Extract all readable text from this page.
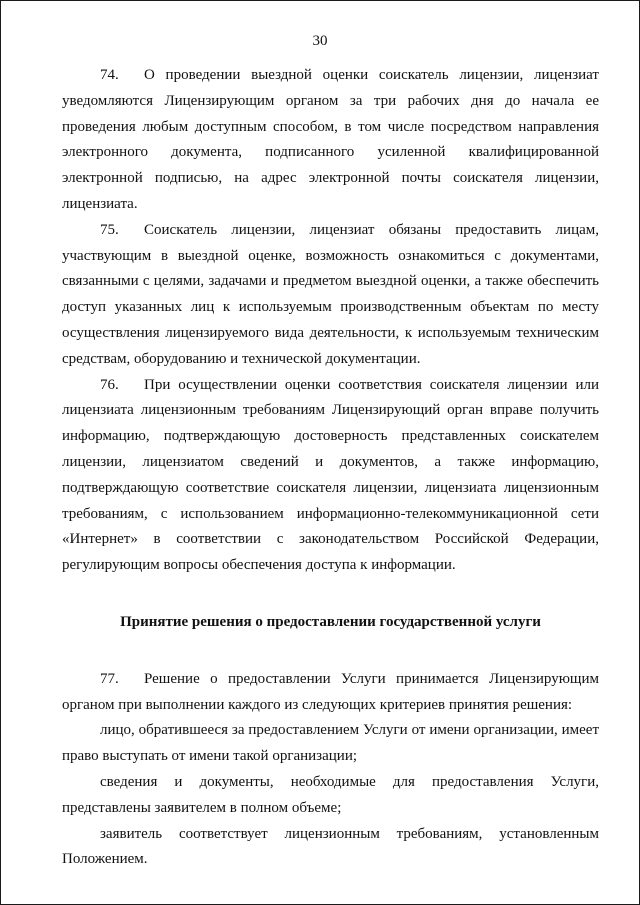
30

74. О проведении выездной оценки соискатель лицензии, лицензиат уведомляются Лицензирующим органом за три рабочих дня до начала ее проведения любым доступным способом, в том числе посредством направления электронного документа, подписанного усиленной квалифицированной электронной подписью, на адрес электронной почты соискателя лицензии, лицензиата.

75. Соискатель лицензии, лицензиат обязаны предоставить лицам, участвующим в выездной оценке, возможность ознакомиться с документами, связанными с целями, задачами и предметом выездной оценки, а также обеспечить доступ указанных лиц к используемым производственным объектам по месту осуществления лицензируемого вида деятельности, к используемым техническим средствам, оборудованию и технической документации.

76. При осуществлении оценки соответствия соискателя лицензии или лицензиата лицензионным требованиям Лицензирующий орган вправе получить информацию, подтверждающую достоверность представленных соискателем лицензии, лицензиатом сведений и документов, а также информацию, подтверждающую соответствие соискателя лицензии, лицензиата лицензионным требованиям, с использованием информационно-телекоммуникационной сети «Интернет» в соответствии с законодательством Российской Федерации, регулирующим вопросы обеспечения доступа к информации.

Принятие решения о предоставлении государственной услуги

77. Решение о предоставлении Услуги принимается Лицензирующим органом при выполнении каждого из следующих критериев принятия решения:

лицо, обратившееся за предоставлением Услуги от имени организации, имеет право выступать от имени такой организации;

сведения и документы, необходимые для предоставления Услуги, представлены заявителем в полном объеме;

заявитель соответствует лицензионным требованиям, установленным Положением.
